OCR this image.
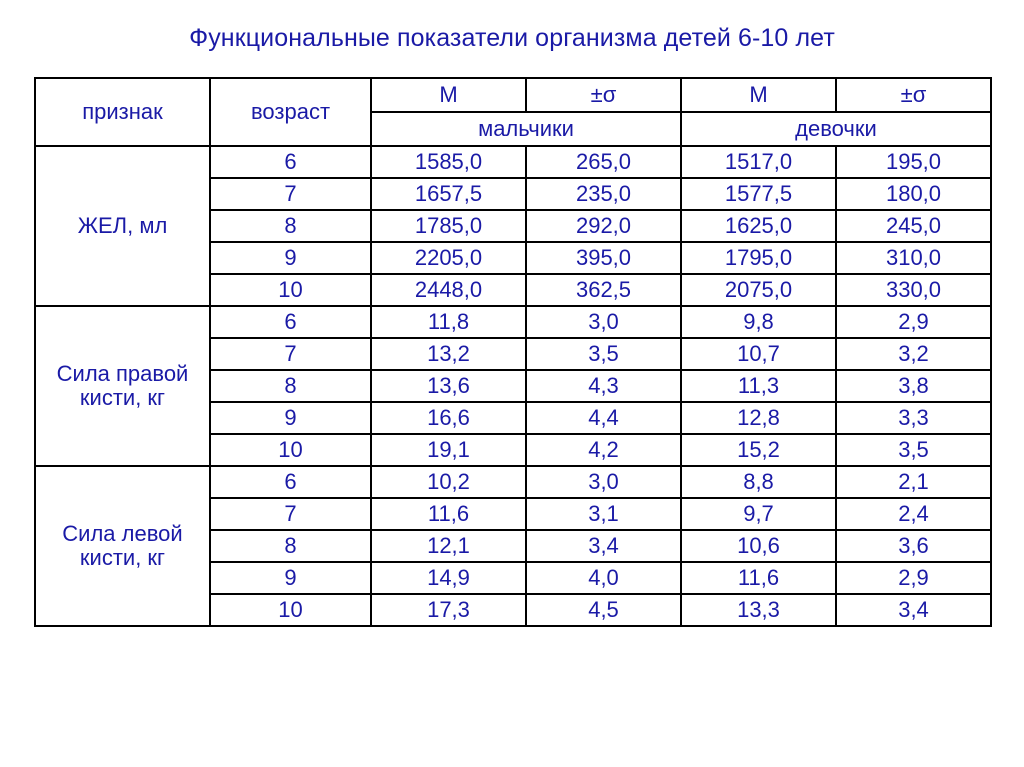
Функциональные показатели организма детей 6-10 лет
признак	возраст	М	±σ	М	±σ
		мальчики		девочки	
ЖЕЛ, мл	6	1585,0	265,0	1517,0	195,0
	7	1657,5	235,0	1577,5	180,0
	8	1785,0	292,0	1625,0	245,0
	9	2205,0	395,0	1795,0	310,0
	10	2448,0	362,5	2075,0	330,0
Сила правой
кисти, кг	6	11,8	3,0	9,8	2,9
	7	13,2	3,5	10,7	3,2
	8	13,6	4,3	11,3	3,8
	9	16,6	4,4	12,8	3,3
	10	19,1	4,2	15,2	3,5
Сила левой
кисти, кг	6	10,2	3,0	8,8	2,1
	7	11,6	3,1	9,7	2,4
	8	12,1	3,4	10,6	3,6
	9	14,9	4,0	11,6	2,9
	10	17,3	4,5	13,3	3,4
